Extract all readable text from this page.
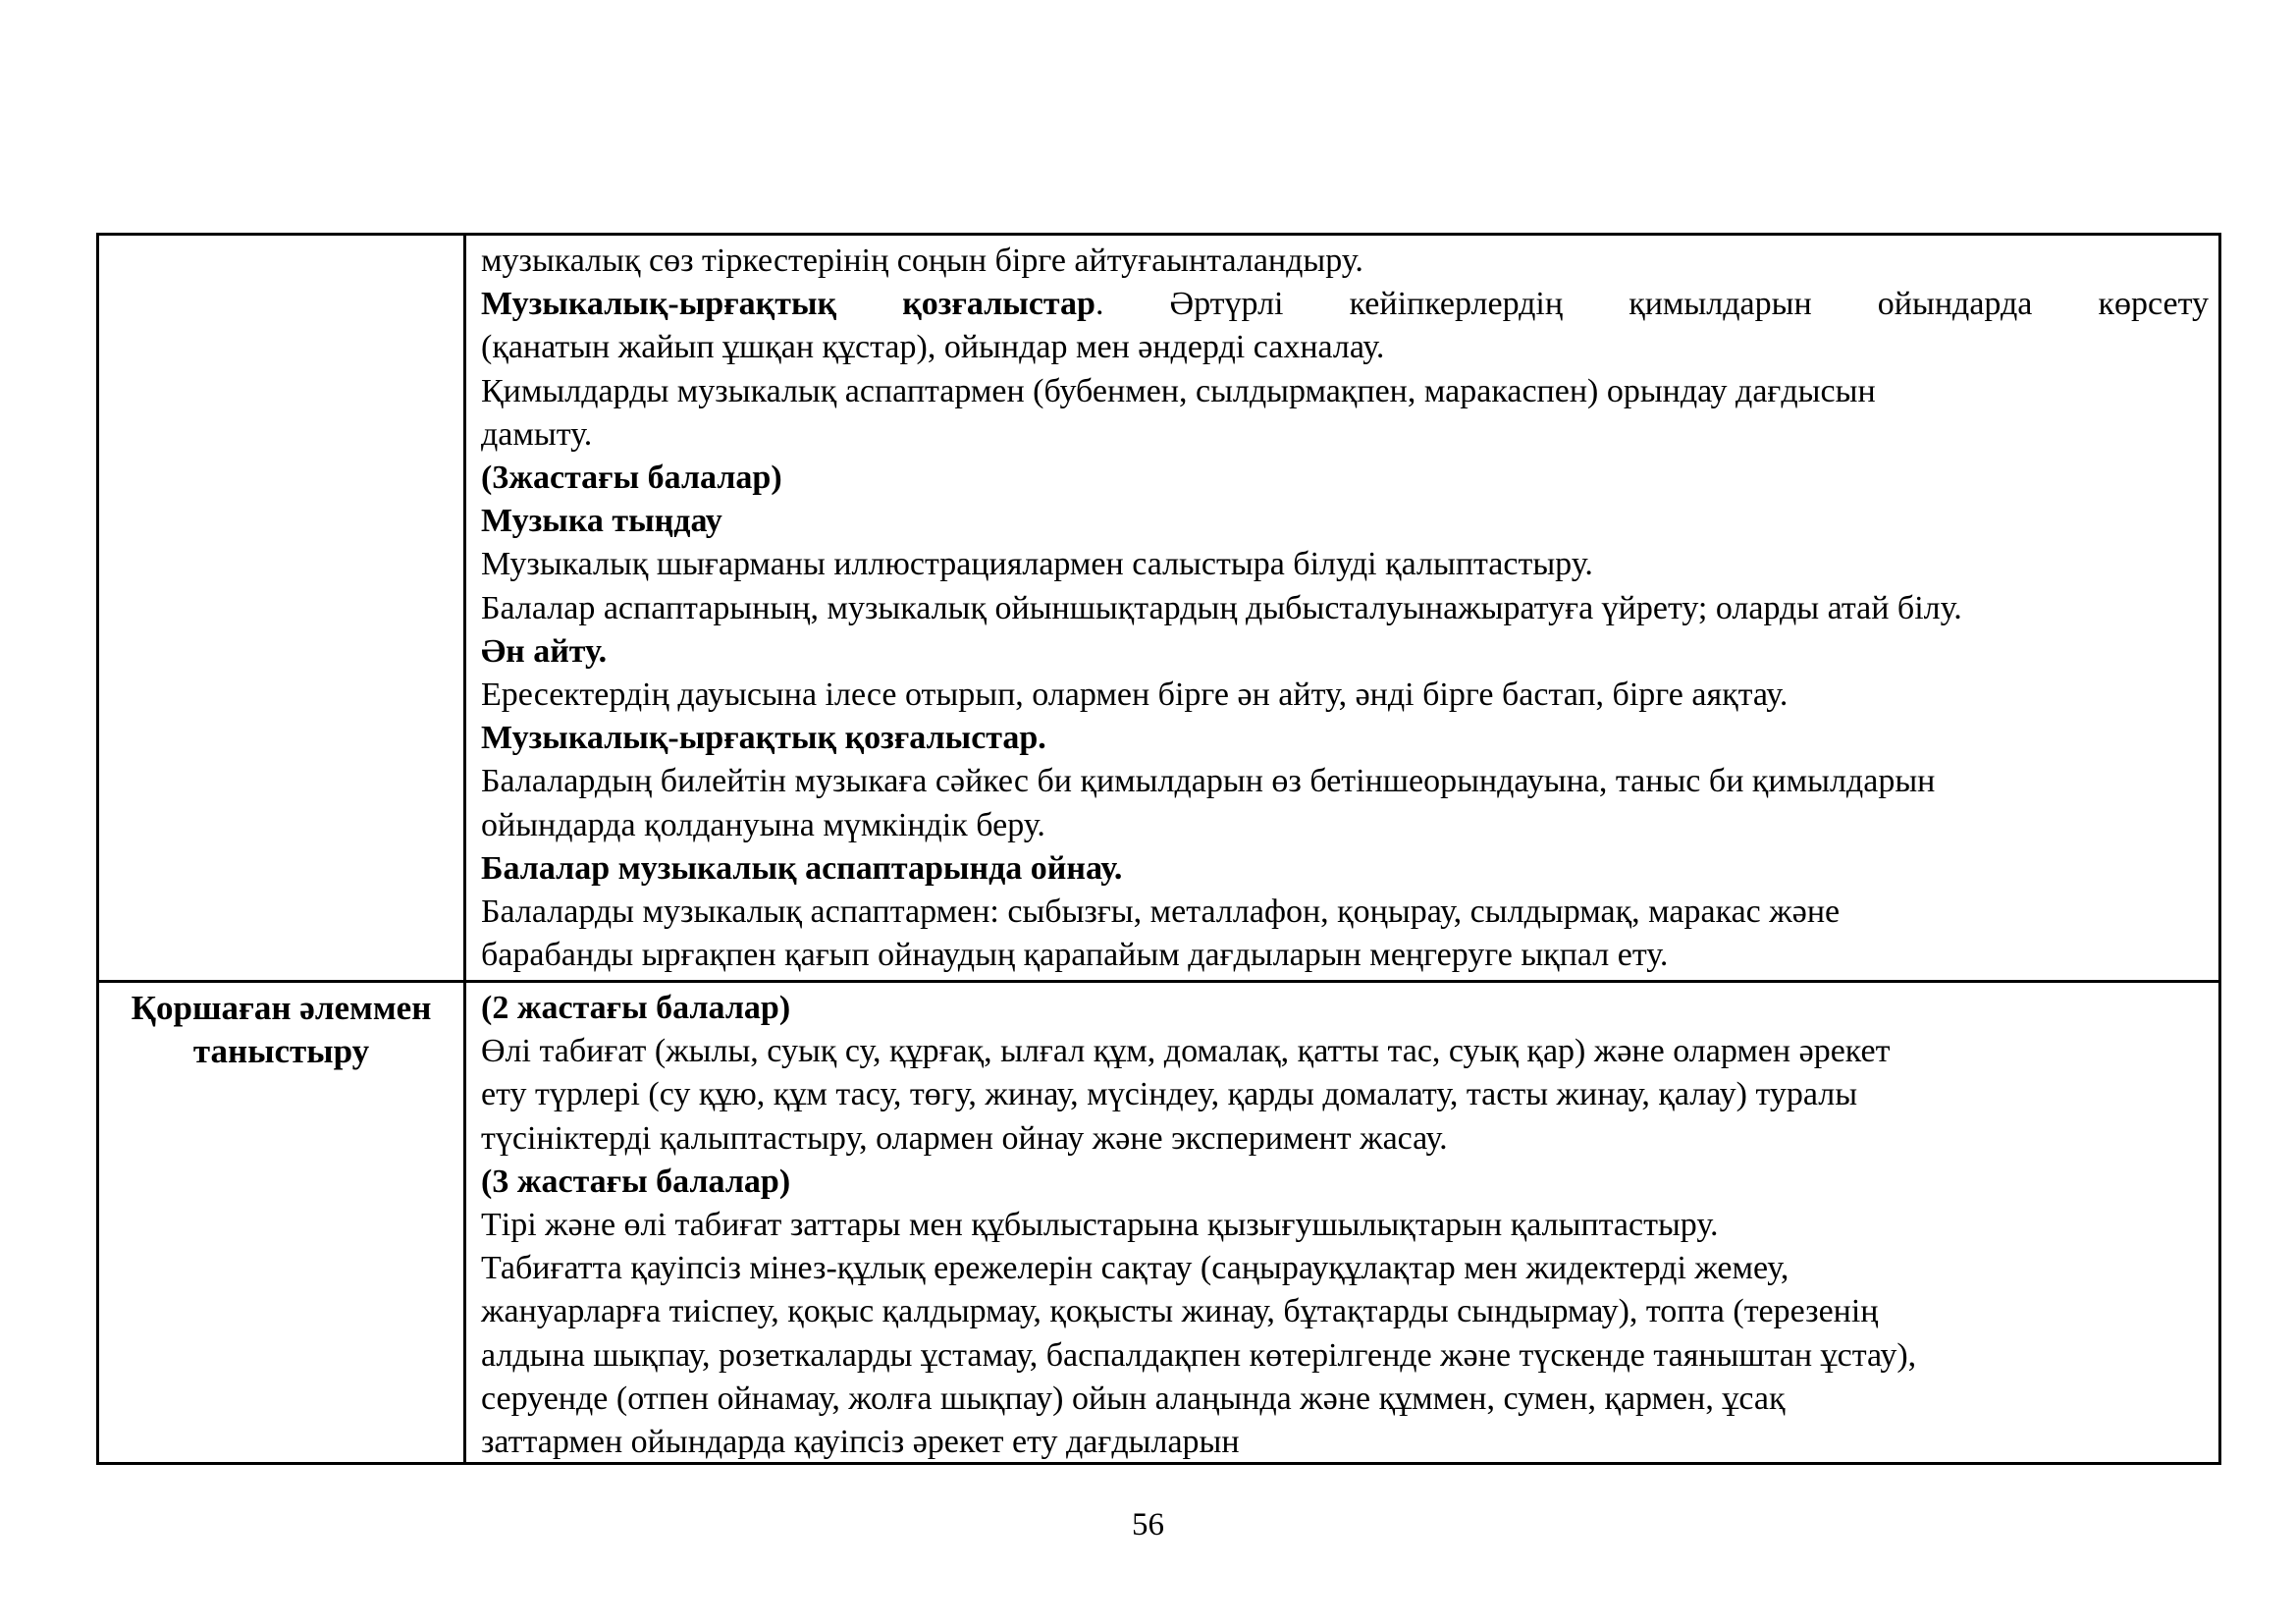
музыкалық сөз тіркестерінің соңын бірге айтуғаынталандыру.
Музыкалық-ырғақтық қозғалыстар. Әртүрлі кейіпкерлердің қимылдарын ойындарда көрсету
(қанатын жайып ұшқан құстар), ойындар мен әндерді сахналау.
Қимылдарды музыкалық аспаптармен (бубенмен, сылдырмақпен, маракаспен) орындау дағдысын
дамыту.
(3жастағы балалар)
Музыка тыңдау
Музыкалық шығарманы иллюстрациялармен салыстыра білуді қалыптастыру.
Балалар аспаптарының, музыкалық ойыншықтардың дыбысталуынажыратуға үйрету; оларды атай білу.
Ән айту.
Ересектердің дауысына ілесе отырып, олармен бірге ән айту, әнді бірге бастап, бірге аяқтау.
Музыкалық-ырғақтық қозғалыстар.
Балалардың билейтін музыкаға сәйкес би қимылдарын өз бетіншеорындауына, таныс би қимылдарын
ойындарда қолдануына мүмкіндік беру.
Балалар музыкалық аспаптарында ойнау.
Балаларды музыкалық аспаптармен: сыбызғы, металлафон, қоңырау, сылдырмақ, маракас және
барабанды ырғақпен қағып ойнаудың қарапайым дағдыларын меңгеруге ықпал ету.
Қоршаған әлеммен
таныстыру
(2 жастағы балалар)
Өлі табиғат (жылы, суық су, құрғақ, ылғал құм, домалақ, қатты тас, суық қар) және олармен әрекет
ету түрлері (су құю, құм тасу, төгу, жинау, мүсіндеу, қарды домалату, тасты жинау, қалау) туралы
түсініктерді қалыптастыру, олармен ойнау және эксперимент жасау.
(3 жастағы балалар)
Тірі және өлі табиғат заттары мен құбылыстарына қызығушылықтарын қалыптастыру.
Табиғатта қауіпсіз мінез-құлық ережелерін сақтау (саңырауқұлақтар мен жидектерді жемеу,
жануарларға тиіспеу, қоқыс қалдырмау, қоқысты жинау, бұтақтарды сындырмау), топта (терезенің
алдына шықпау, розеткаларды ұстамау, баспалдақпен көтерілгенде және түскенде таяныштан ұстау),
серуенде (отпен ойнамау, жолға шықпау) ойын алаңында және құммен, сумен, қармен, ұсақ
заттармен ойындарда қауіпсіз әрекет ету дағдыларын
56
